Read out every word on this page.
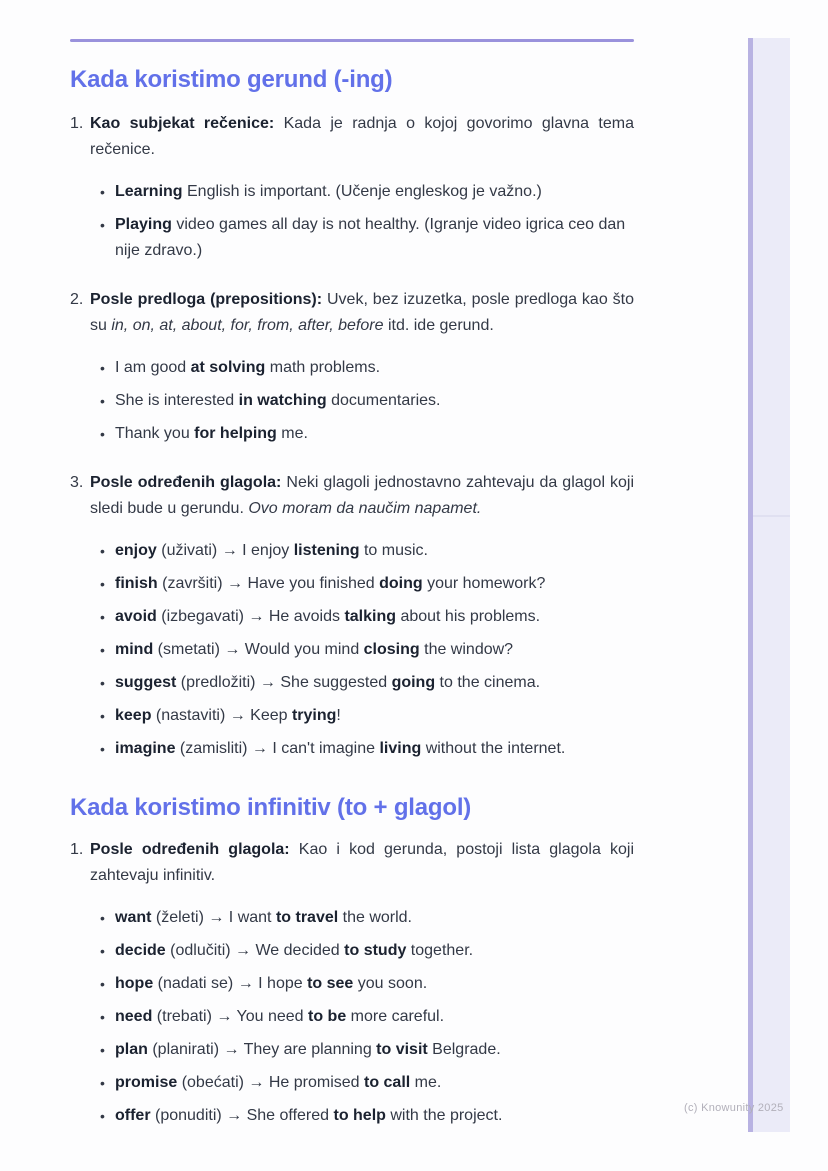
Kada koristimo gerund (-ing)
1. Kao subjekat rečenice: Kada je radnja o kojoj govorimo glavna tema rečenice.

• Learning English is important. (Učenje engleskog je važno.)
• Playing video games all day is not healthy. (Igranje video igrica ceo dan nije zdravo.)
2. Posle predloga (prepositions): Uvek, bez izuzetka, posle predloga kao što su in, on, at, about, for, from, after, before itd. ide gerund.

• I am good at solving math problems.
• She is interested in watching documentaries.
• Thank you for helping me.
3. Posle određenih glagola: Neki glagoli jednostavno zahtevaju da glagol koji sledi bude u gerundu. Ovo moram da naučim napamet.

• enjoy (uživati) → I enjoy listening to music.
• finish (završiti) → Have you finished doing your homework?
• avoid (izbegavati) → He avoids talking about his problems.
• mind (smetati) → Would you mind closing the window?
• suggest (predložiti) → She suggested going to the cinema.
• keep (nastaviti) → Keep trying!
• imagine (zamisliti) → I can't imagine living without the internet.
Kada koristimo infinitiv (to + glagol)
1. Posle određenih glagola: Kao i kod gerunda, postoji lista glagola koji zahtevaju infinitiv.

• want (želeti) → I want to travel the world.
• decide (odlučiti) → We decided to study together.
• hope (nadati se) → I hope to see you soon.
• need (trebati) → You need to be more careful.
• plan (planirati) → They are planning to visit Belgrade.
• promise (obećati) → He promised to call me.
• offer (ponuditi) → She offered to help with the project.	(c) Knowunity 2025
